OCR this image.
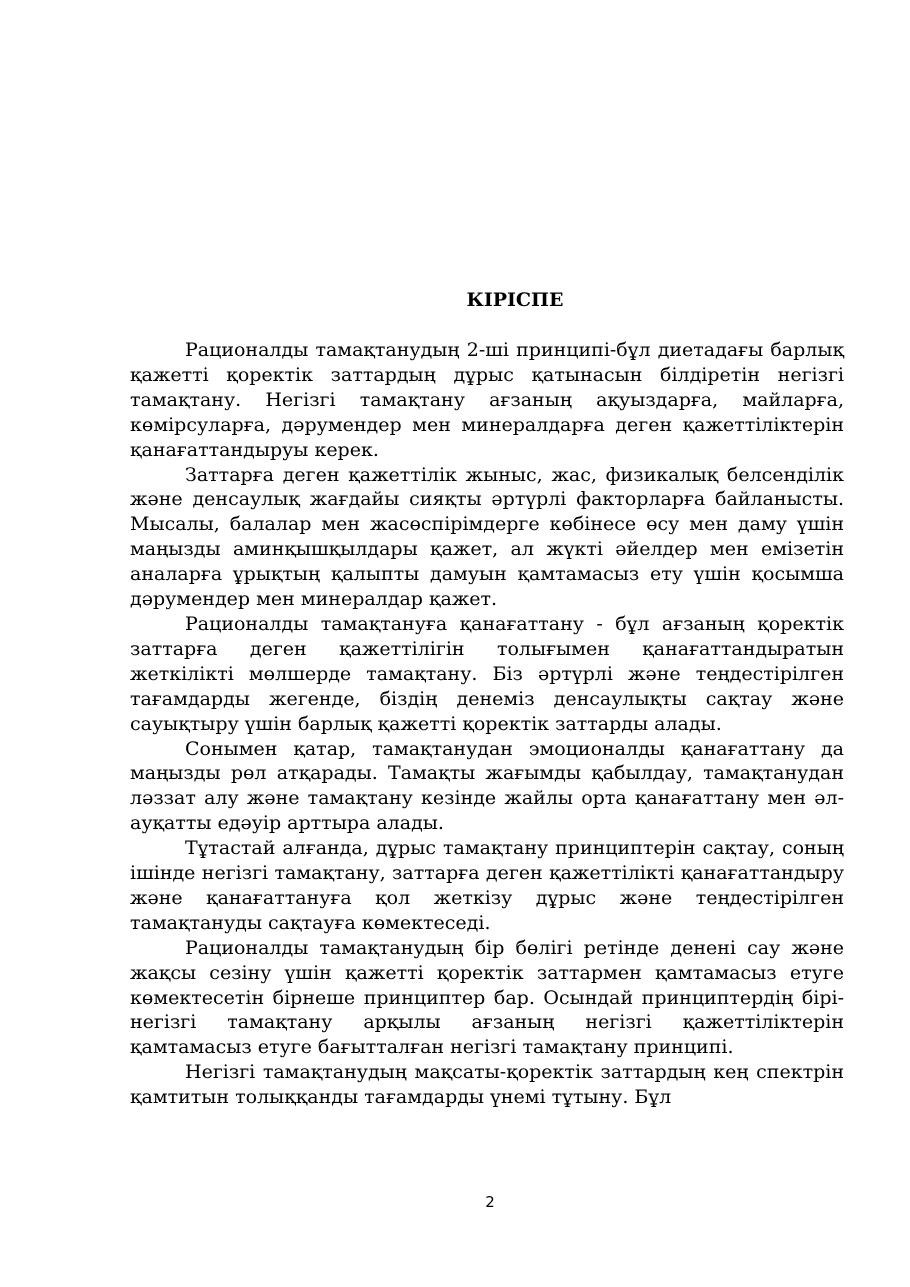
КІРІСПЕ

Рационалды тамақтанудың 2-ші принципі-бұл диетадағы барлық қажетті қоректік заттардың дұрыс қатынасын білдіретін негізгі тамақтану. Негізгі тамақтану ағзаның ақуыздарға, майларға, көмірсуларға, дәрумендер мен минералдарға деген қажеттіліктерін қанағаттандыруы керек.

Заттарға деген қажеттілік жыныс, жас, физикалық белсенділік және денсаулық жағдайы сияқты әртүрлі факторларға байланысты. Мысалы, балалар мен жасөспірімдерге көбінесе өсу мен даму үшін маңызды аминқышқылдары қажет, ал жүкті әйелдер мен емізетін аналарға ұрықтың қалыпты дамуын қамтамасыз ету үшін қосымша дәрумендер мен минералдар қажет.

Рационалды тамақтануға қанағаттану - бұл ағзаның қоректік заттарға деген қажеттілігін толығымен қанағаттандыратын жеткілікті мөлшерде тамақтану. Біз әртүрлі және теңдестірілген тағамдарды жегенде, біздің денеміз денсаулықты сақтау және сауықтыру үшін барлық қажетті қоректік заттарды алады.

Сонымен қатар, тамақтанудан эмоционалды қанағаттану да маңызды рөл атқарады. Тамақты жағымды қабылдау, тамақтанудан ләззат алу және тамақтану кезінде жайлы орта қанағаттану мен әл-ауқатты едәуір арттыра алады.

Тұтастай алғанда, дұрыс тамақтану принциптерін сақтау, соның ішінде негізгі тамақтану, заттарға деген қажеттілікті қанағаттандыру және қанағаттануға қол жеткізу дұрыс және теңдестірілген тамақтануды сақтауға көмектеседі.

Рационалды тамақтанудың бір бөлігі ретінде денені сау және жақсы сезіну үшін қажетті қоректік заттармен қамтамасыз етуге көмектесетін бірнеше принциптер бар. Осындай принциптердің бірі-негізгі тамақтану арқылы ағзаның негізгі қажеттіліктерін қамтамасыз етуге бағытталған негізгі тамақтану принципі.

Негізгі тамақтанудың мақсаты-қоректік заттардың кең спектрін қамтитын толыққанды тағамдарды үнемі тұтыну. Бұл

2
